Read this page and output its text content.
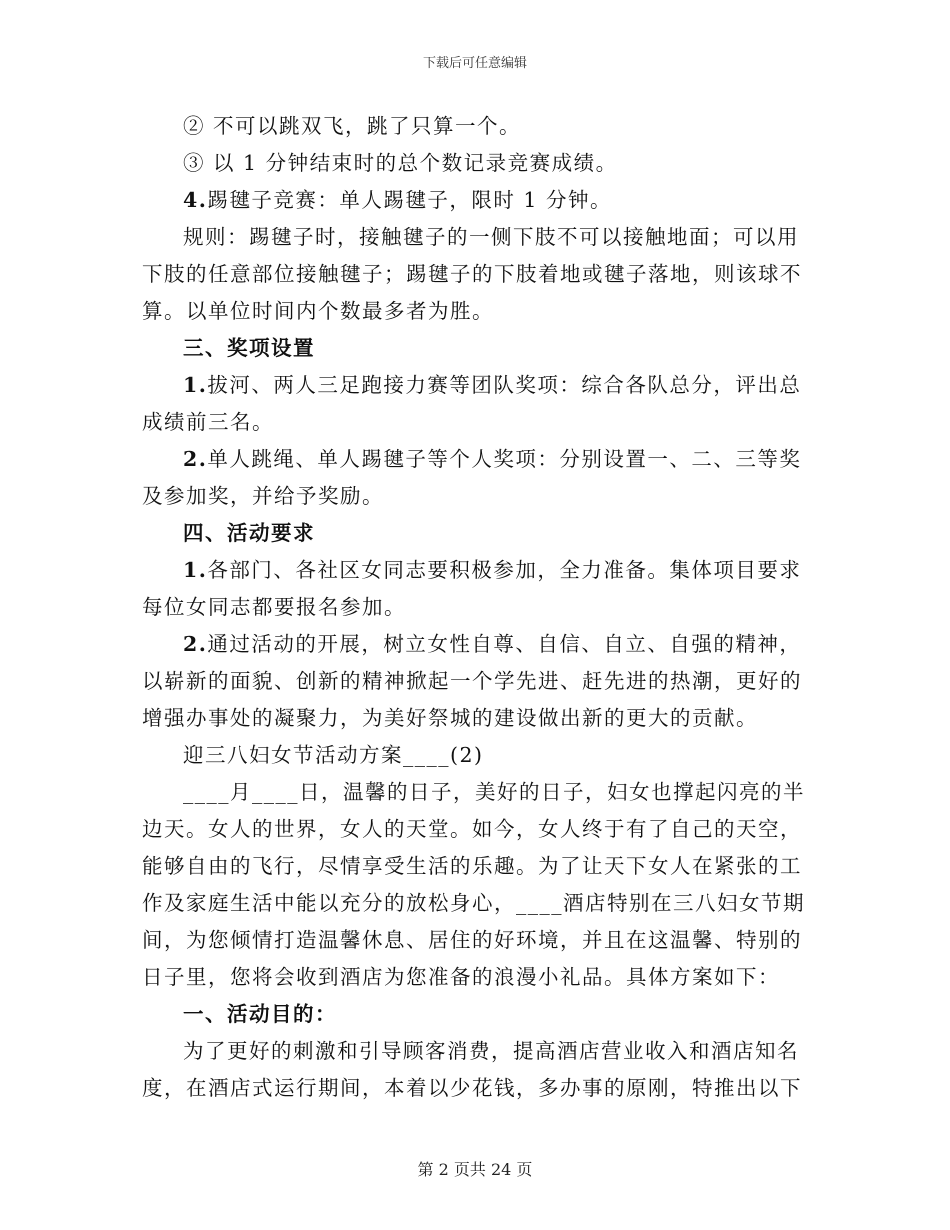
下载后可任意编辑

② 不可以跳双飞，跳了只算一个。

③ 以 1 分钟结束时的总个数记录竞赛成绩。

4.踢毽子竞赛：单人踢毽子，限时 1 分钟。

规则：踢毽子时，接触毽子的一侧下肢不可以接触地面；可以用下肢的任意部位接触毽子；踢毽子的下肢着地或毽子落地，则该球不算。以单位时间内个数最多者为胜。

三、奖项设置

1.拔河、两人三足跑接力赛等团队奖项：综合各队总分，评出总成绩前三名。

2.单人跳绳、单人踢毽子等个人奖项：分别设置一、二、三等奖及参加奖，并给予奖励。

四、活动要求

1.各部门、各社区女同志要积极参加，全力准备。集体项目要求每位女同志都要报名参加。

2.通过活动的开展，树立女性自尊、自信、自立、自强的精神，以崭新的面貌、创新的精神掀起一个学先进、赶先进的热潮，更好的增强办事处的凝聚力，为美好祭城的建设做出新的更大的贡献。

迎三八妇女节活动方案____(2)

____月____日，温馨的日子，美好的日子，妇女也撑起闪亮的半边天。女人的世界，女人的天堂。如今，女人终于有了自己的天空，能够自由的飞行，尽情享受生活的乐趣。为了让天下女人在紧张的工作及家庭生活中能以充分的放松身心，____酒店特别在三八妇女节期间，为您倾情打造温馨休息、居住的好环境，并且在这温馨、特别的日子里，您将会收到酒店为您准备的浪漫小礼品。具体方案如下：

一、活动目的：

为了更好的刺激和引导顾客消费，提高酒店营业收入和酒店知名度，在酒店式运行期间，本着以少花钱，多办事的原刚，特推出以下

第 2 页共 24 页
